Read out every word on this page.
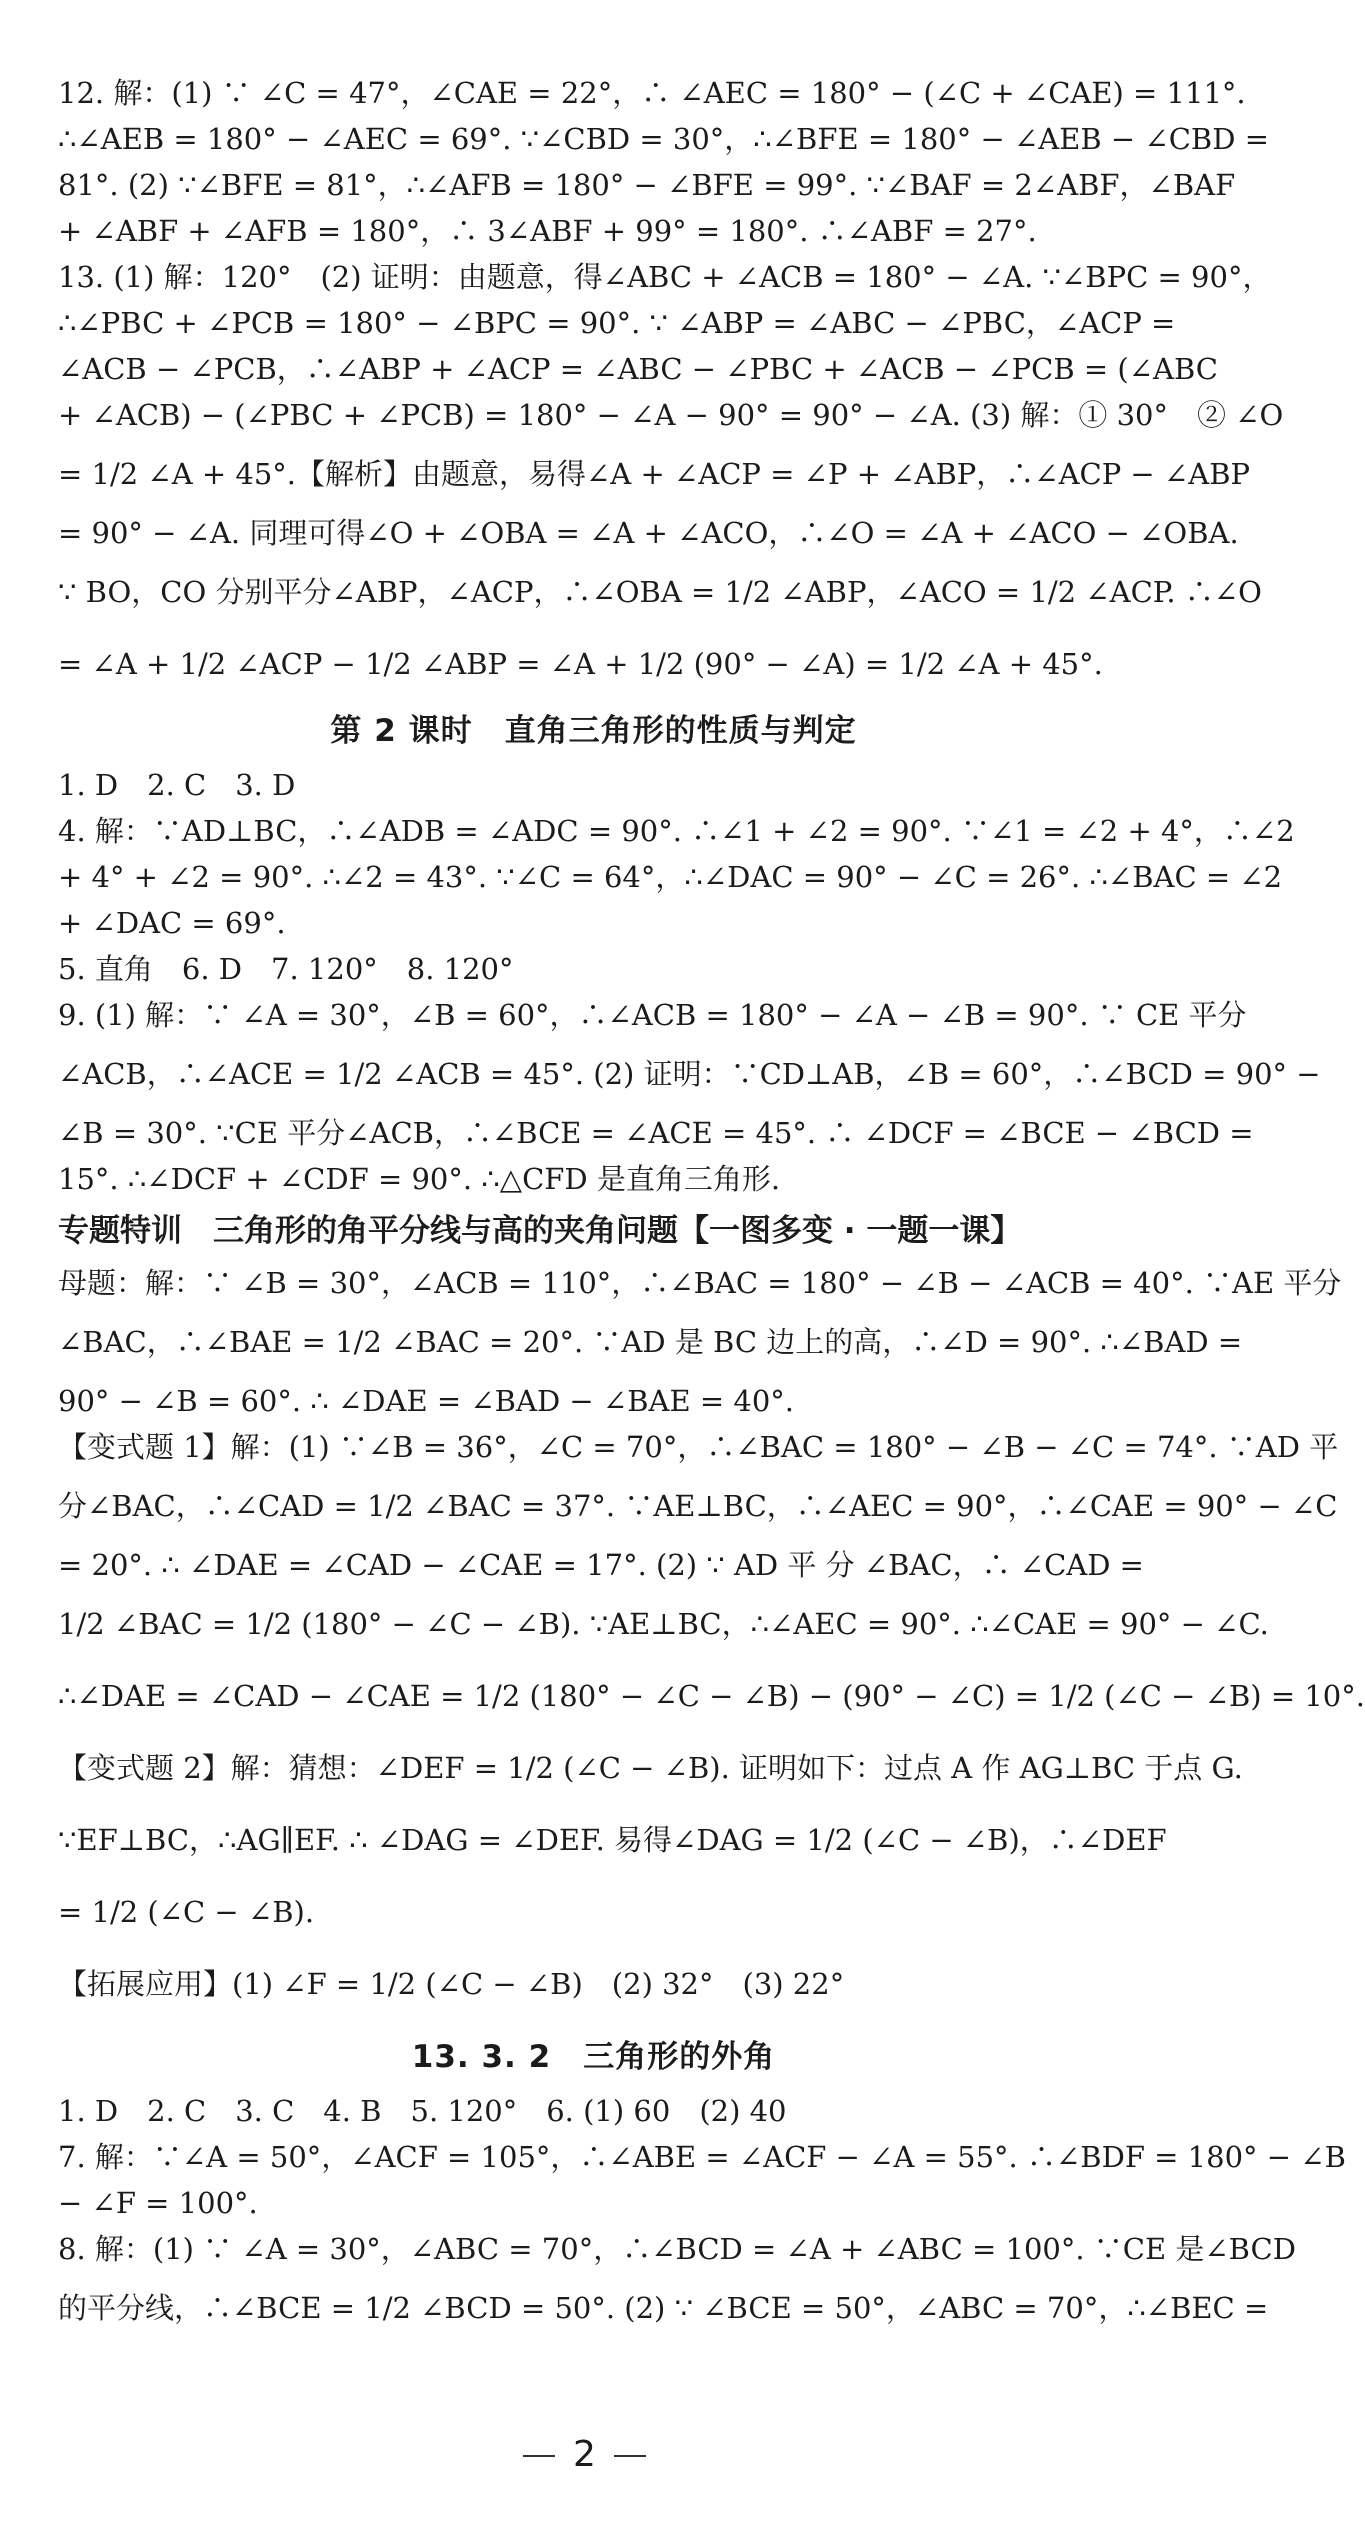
12. 解：(1) ∵ ∠C = 47°，∠CAE = 22°，∴ ∠AEC = 180° − (∠C + ∠CAE) = 111°.
∴∠AEB = 180° − ∠AEC = 69°. ∵∠CBD = 30°，∴∠BFE = 180° − ∠AEB − ∠CBD =
81°. (2) ∵∠BFE = 81°，∴∠AFB = 180° − ∠BFE = 99°. ∵∠BAF = 2∠ABF，∠BAF
+ ∠ABF + ∠AFB = 180°，∴ 3∠ABF + 99° = 180°. ∴∠ABF = 27°.
13. (1) 解：120°　(2) 证明：由题意，得∠ABC + ∠ACB = 180° − ∠A. ∵∠BPC = 90°，
∴∠PBC + ∠PCB = 180° − ∠BPC = 90°. ∵ ∠ABP = ∠ABC − ∠PBC，∠ACP =
∠ACB − ∠PCB，∴∠ABP + ∠ACP = ∠ABC − ∠PBC + ∠ACB − ∠PCB = (∠ABC
+ ∠ACB) − (∠PBC + ∠PCB) = 180° − ∠A − 90° = 90° − ∠A. (3) 解：① 30°　② ∠O
= 1/2 ∠A + 45°.【解析】由题意，易得∠A + ∠ACP = ∠P + ∠ABP，∴∠ACP − ∠ABP
= 90° − ∠A. 同理可得∠O + ∠OBA = ∠A + ∠ACO，∴∠O = ∠A + ∠ACO − ∠OBA.
∵ BO，CO 分别平分∠ABP，∠ACP，∴∠OBA = 1/2 ∠ABP，∠ACO = 1/2 ∠ACP. ∴∠O
= ∠A + 1/2 ∠ACP − 1/2 ∠ABP = ∠A + 1/2 (90° − ∠A) = 1/2 ∠A + 45°.
第 2 课时　直角三角形的性质与判定
1. D　2. C　3. D
4. 解：∵AD⊥BC，∴∠ADB = ∠ADC = 90°. ∴∠1 + ∠2 = 90°. ∵∠1 = ∠2 + 4°，∴∠2
+ 4° + ∠2 = 90°. ∴∠2 = 43°. ∵∠C = 64°，∴∠DAC = 90° − ∠C = 26°. ∴∠BAC = ∠2
+ ∠DAC = 69°.
5. 直角　6. D　7. 120°　8. 120°
9. (1) 解：∵ ∠A = 30°，∠B = 60°，∴∠ACB = 180° − ∠A − ∠B = 90°. ∵ CE 平分
∠ACB，∴∠ACE = 1/2 ∠ACB = 45°. (2) 证明：∵CD⊥AB，∠B = 60°，∴∠BCD = 90° −
∠B = 30°. ∵CE 平分∠ACB，∴∠BCE = ∠ACE = 45°. ∴ ∠DCF = ∠BCE − ∠BCD =
15°. ∴∠DCF + ∠CDF = 90°. ∴△CFD 是直角三角形.
专题特训　三角形的角平分线与高的夹角问题【一图多变 · 一题一课】
母题：解：∵ ∠B = 30°，∠ACB = 110°，∴∠BAC = 180° − ∠B − ∠ACB = 40°. ∵AE 平分
∠BAC，∴∠BAE = 1/2 ∠BAC = 20°. ∵AD 是 BC 边上的高，∴∠D = 90°. ∴∠BAD =
90° − ∠B = 60°. ∴ ∠DAE = ∠BAD − ∠BAE = 40°.
【变式题 1】解：(1) ∵∠B = 36°，∠C = 70°，∴∠BAC = 180° − ∠B − ∠C = 74°. ∵AD 平
分∠BAC，∴∠CAD = 1/2 ∠BAC = 37°. ∵AE⊥BC，∴∠AEC = 90°，∴∠CAE = 90° − ∠C
= 20°. ∴ ∠DAE = ∠CAD − ∠CAE = 17°. (2) ∵ AD 平 分 ∠BAC，∴ ∠CAD =
1/2 ∠BAC = 1/2 (180° − ∠C − ∠B). ∵AE⊥BC，∴∠AEC = 90°. ∴∠CAE = 90° − ∠C.
∴∠DAE = ∠CAD − ∠CAE = 1/2 (180° − ∠C − ∠B) − (90° − ∠C) = 1/2 (∠C − ∠B) = 10°.
【变式题 2】解：猜想：∠DEF = 1/2 (∠C − ∠B). 证明如下：过点 A 作 AG⊥BC 于点 G.
∵EF⊥BC，∴AG∥EF. ∴ ∠DAG = ∠DEF. 易得∠DAG = 1/2 (∠C − ∠B)，∴∠DEF
= 1/2 (∠C − ∠B).
【拓展应用】(1) ∠F = 1/2 (∠C − ∠B)　(2) 32°　(3) 22°
13. 3. 2　三角形的外角
1. D　2. C　3. C　4. B　5. 120°　6. (1) 60　(2) 40
7. 解：∵∠A = 50°，∠ACF = 105°，∴∠ABE = ∠ACF − ∠A = 55°. ∴∠BDF = 180° − ∠B
− ∠F = 100°.
8. 解：(1) ∵ ∠A = 30°，∠ABC = 70°，∴∠BCD = ∠A + ∠ABC = 100°. ∵CE 是∠BCD
的平分线，∴∠BCE = 1/2 ∠BCD = 50°. (2) ∵ ∠BCE = 50°，∠ABC = 70°，∴∠BEC =
2
